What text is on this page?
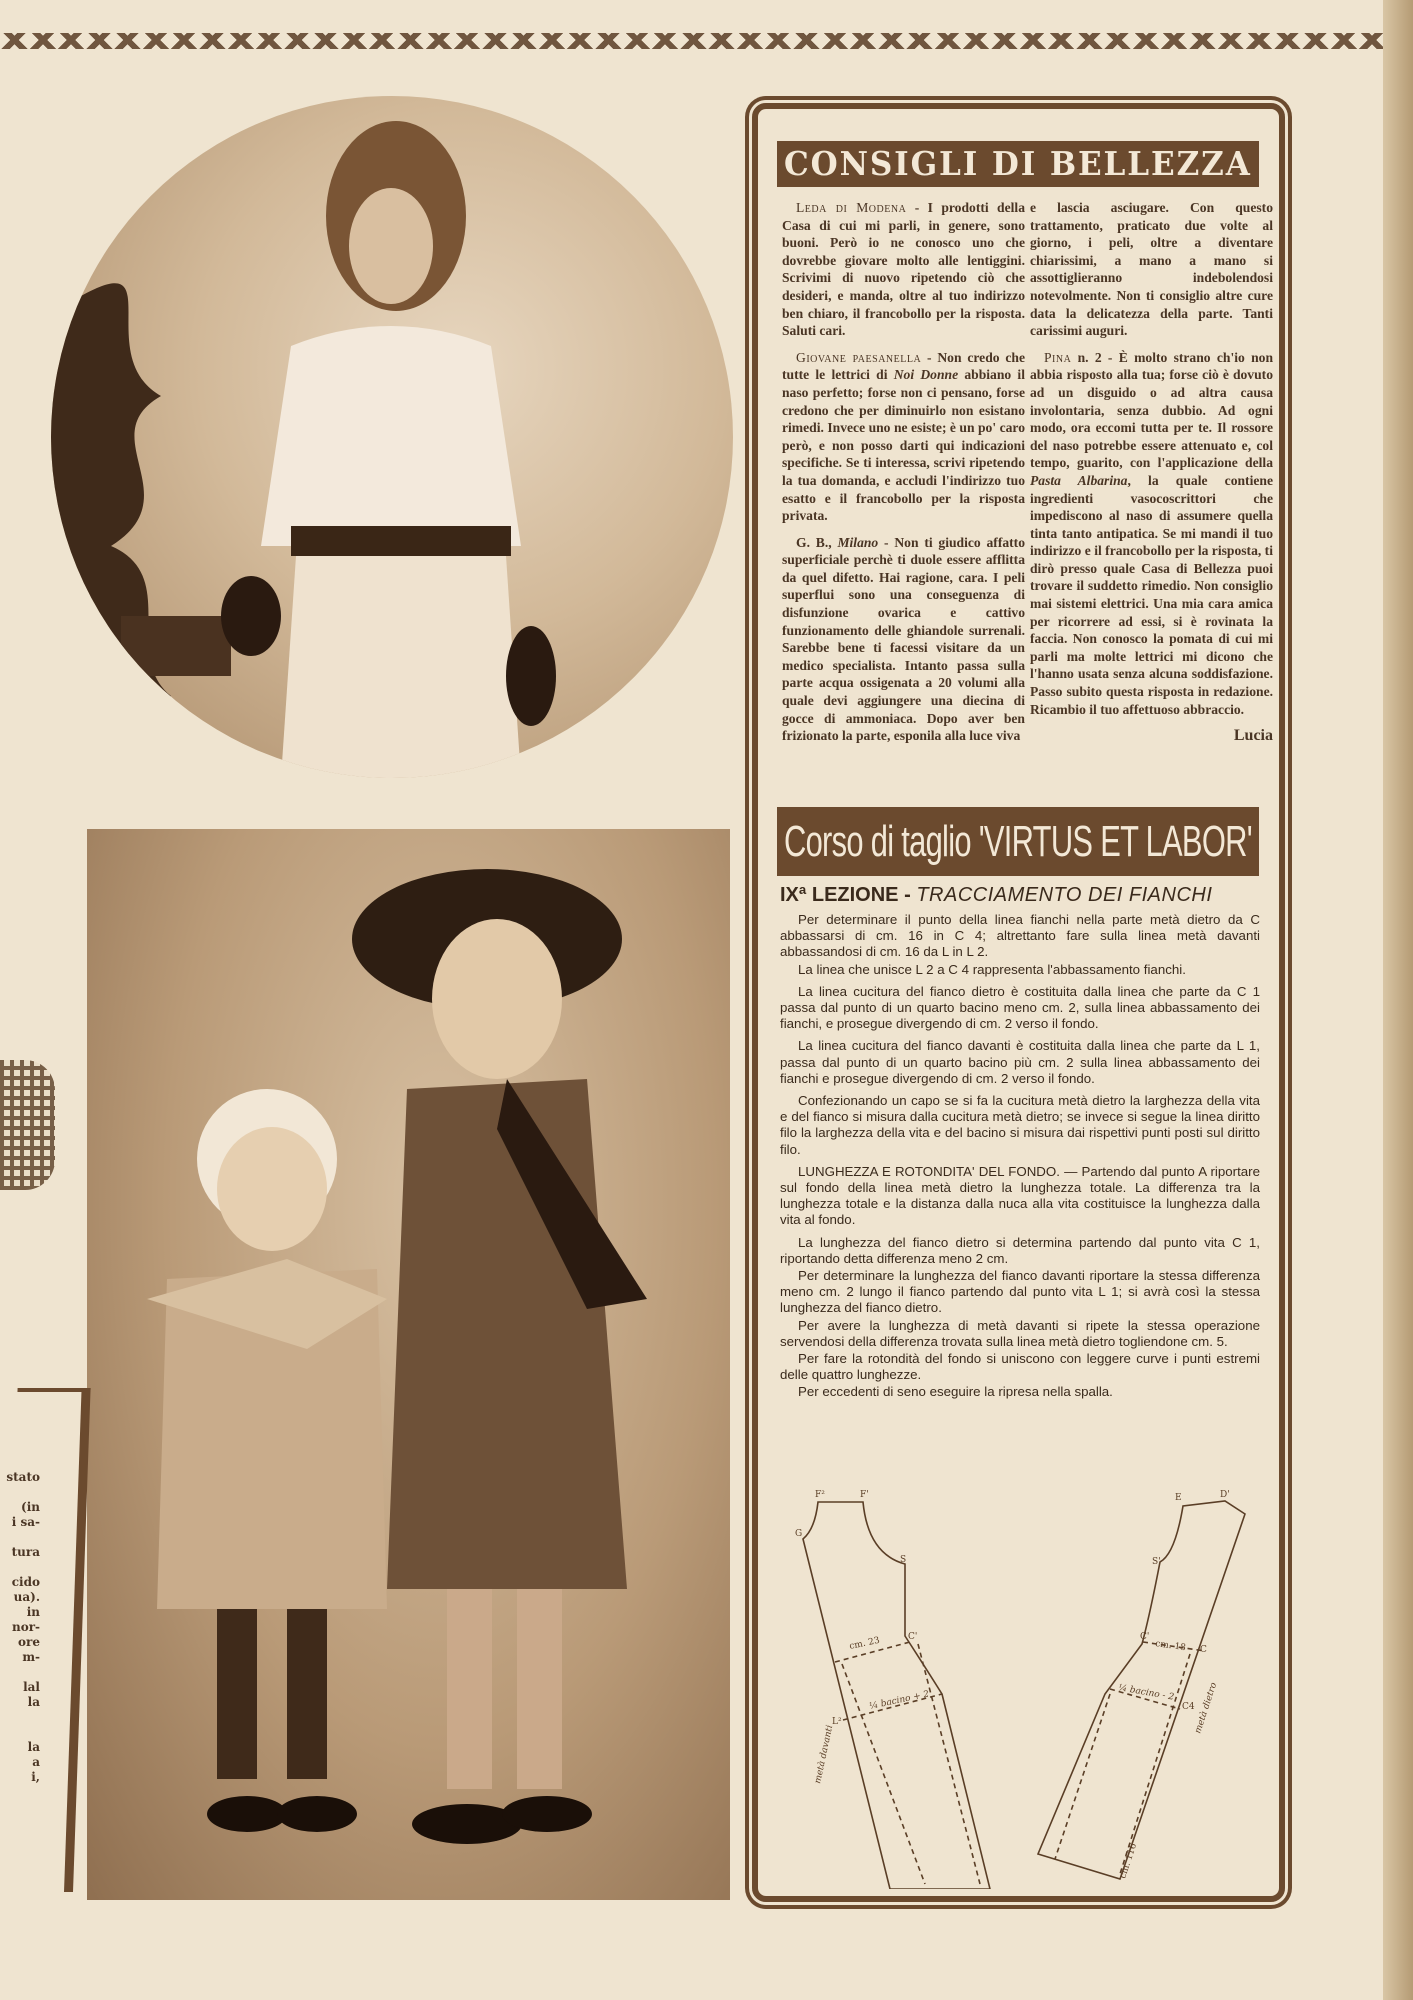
stato
(in
i sa-
tura
cido
ua).
in
nor-
ore
m-
lal
la
la
a
i,
CONSIGLI DI BELLEZZA

Leda di Modena - I prodotti della Casa di cui mi parli, in genere, sono buoni. Però io ne conosco uno che dovrebbe giovare molto alle lentiggini. Scrivimi di nuovo ripetendo ciò che desideri, e manda, oltre al tuo indirizzo ben chiaro, il francobollo per la risposta. Saluti cari.

Giovane paesanella - Non credo che tutte le lettrici di Noi Donne abbiano il naso perfetto; forse non ci pensano, forse credono che per diminuirlo non esistano rimedi. Invece uno ne esiste; è un po' caro però, e non posso darti qui indicazioni specifiche. Se ti interessa, scrivi ripetendo la tua domanda, e accludi l'indirizzo tuo esatto e il francobollo per la risposta privata.

G. B., Milano - Non ti giudico affatto superficiale perchè ti duole essere afflitta da quel difetto. Hai ragione, cara. I peli superflui sono una conseguenza di disfunzione ovarica e cattivo funzionamento delle ghiandole surrenali. Sarebbe bene ti facessi visitare da un medico specialista. Intanto passa sulla parte acqua ossigenata a 20 volumi alla quale devi aggiungere una diecina di gocce di ammoniaca. Dopo aver ben frizionato la parte, esponila alla luce viva

e lascia asciugare. Con questo trattamento, praticato due volte al giorno, i peli, oltre a diventare chiarissimi, a mano a mano si assottiglieranno indebolendosi notevolmente. Non ti consiglio altre cure data la delicatezza della parte. Tanti carissimi auguri.

Pina n. 2 - È molto strano ch'io non abbia risposto alla tua; forse ciò è dovuto ad un disguido o ad altra causa involontaria, senza dubbio. Ad ogni modo, ora eccomi tutta per te. Il rossore del naso potrebbe essere attenuato e, col tempo, guarito, con l'applicazione della Pasta Albarina, la quale contiene ingredienti vasocoscrittori che impediscono al naso di assumere quella tinta tanto antipatica. Se mi mandi il tuo indirizzo e il francobollo per la risposta, ti dirò presso quale Casa di Bellezza puoi trovare il suddetto rimedio. Non consiglio mai sistemi elettrici. Una mia cara amica per ricorrere ad essi, si è rovinata la faccia. Non conosco la pomata di cui mi parli ma molte lettrici mi dicono che l'hanno usata senza alcuna soddisfazione. Passo subito questa risposta in redazione. Ricambio il tuo affettuoso abbraccio.

Lucia
Corso di taglio 'VIRTUS ET LABOR'
IXª LEZIONE - TRACCIAMENTO DEI FIANCHI

Per determinare il punto della linea fianchi nella parte metà dietro da C abbassarsi di cm. 16 in C 4; altrettanto fare sulla linea metà davanti abbassandosi di cm. 16 da L in L 2.

La linea che unisce L 2 a C 4 rappresenta l'abbassamento fianchi.

La linea cucitura del fianco dietro è costituita dalla linea che parte da C 1 passa dal punto di un quarto bacino meno cm. 2, sulla linea abbassamento dei fianchi, e prosegue divergendo di cm. 2 verso il fondo.

La linea cucitura del fianco davanti è costituita dalla linea che parte da L 1, passa dal punto di un quarto bacino più cm. 2 sulla linea abbassamento dei fianchi e prosegue divergendo di cm. 2 verso il fondo.

Confezionando un capo se si fa la cucitura metà dietro la larghezza della vita e del fianco si misura dalla cucitura metà dietro; se invece si segue la linea diritto filo la larghezza della vita e del bacino si misura dai rispettivi punti posti sul diritto filo.

LUNGHEZZA E ROTONDITA' DEL FONDO. — Partendo dal punto A riportare sul fondo della linea metà dietro la lunghezza totale. La differenza tra la lunghezza totale e la distanza dalla nuca alla vita costituisce la lunghezza dalla vita al fondo.

La lunghezza del fianco dietro si determina partendo dal punto vita C 1, riportando detta differenza meno 2 cm.

Per determinare la lunghezza del fianco davanti riportare la stessa differenza meno cm. 2 lungo il fianco partendo dal punto vita L 1; si avrà così la stessa lunghezza del fianco dietro.

Per avere la lunghezza di metà davanti si ripete la stessa operazione servendosi della differenza trovata sulla linea metà dietro togliendone cm. 5.

Per fare la rotondità del fondo si uniscono con leggere curve i punti estremi delle quattro lunghezze.

Per eccedenti di seno eseguire la ripresa nella spalla.

F²	F'
G
S
C'
cm. 23
¼ bacino + 2
L²
metà davanti
E	D'
S'
C'
C
cm. 18
¼ bacino - 2
C4
metà dietro
cm. 116
